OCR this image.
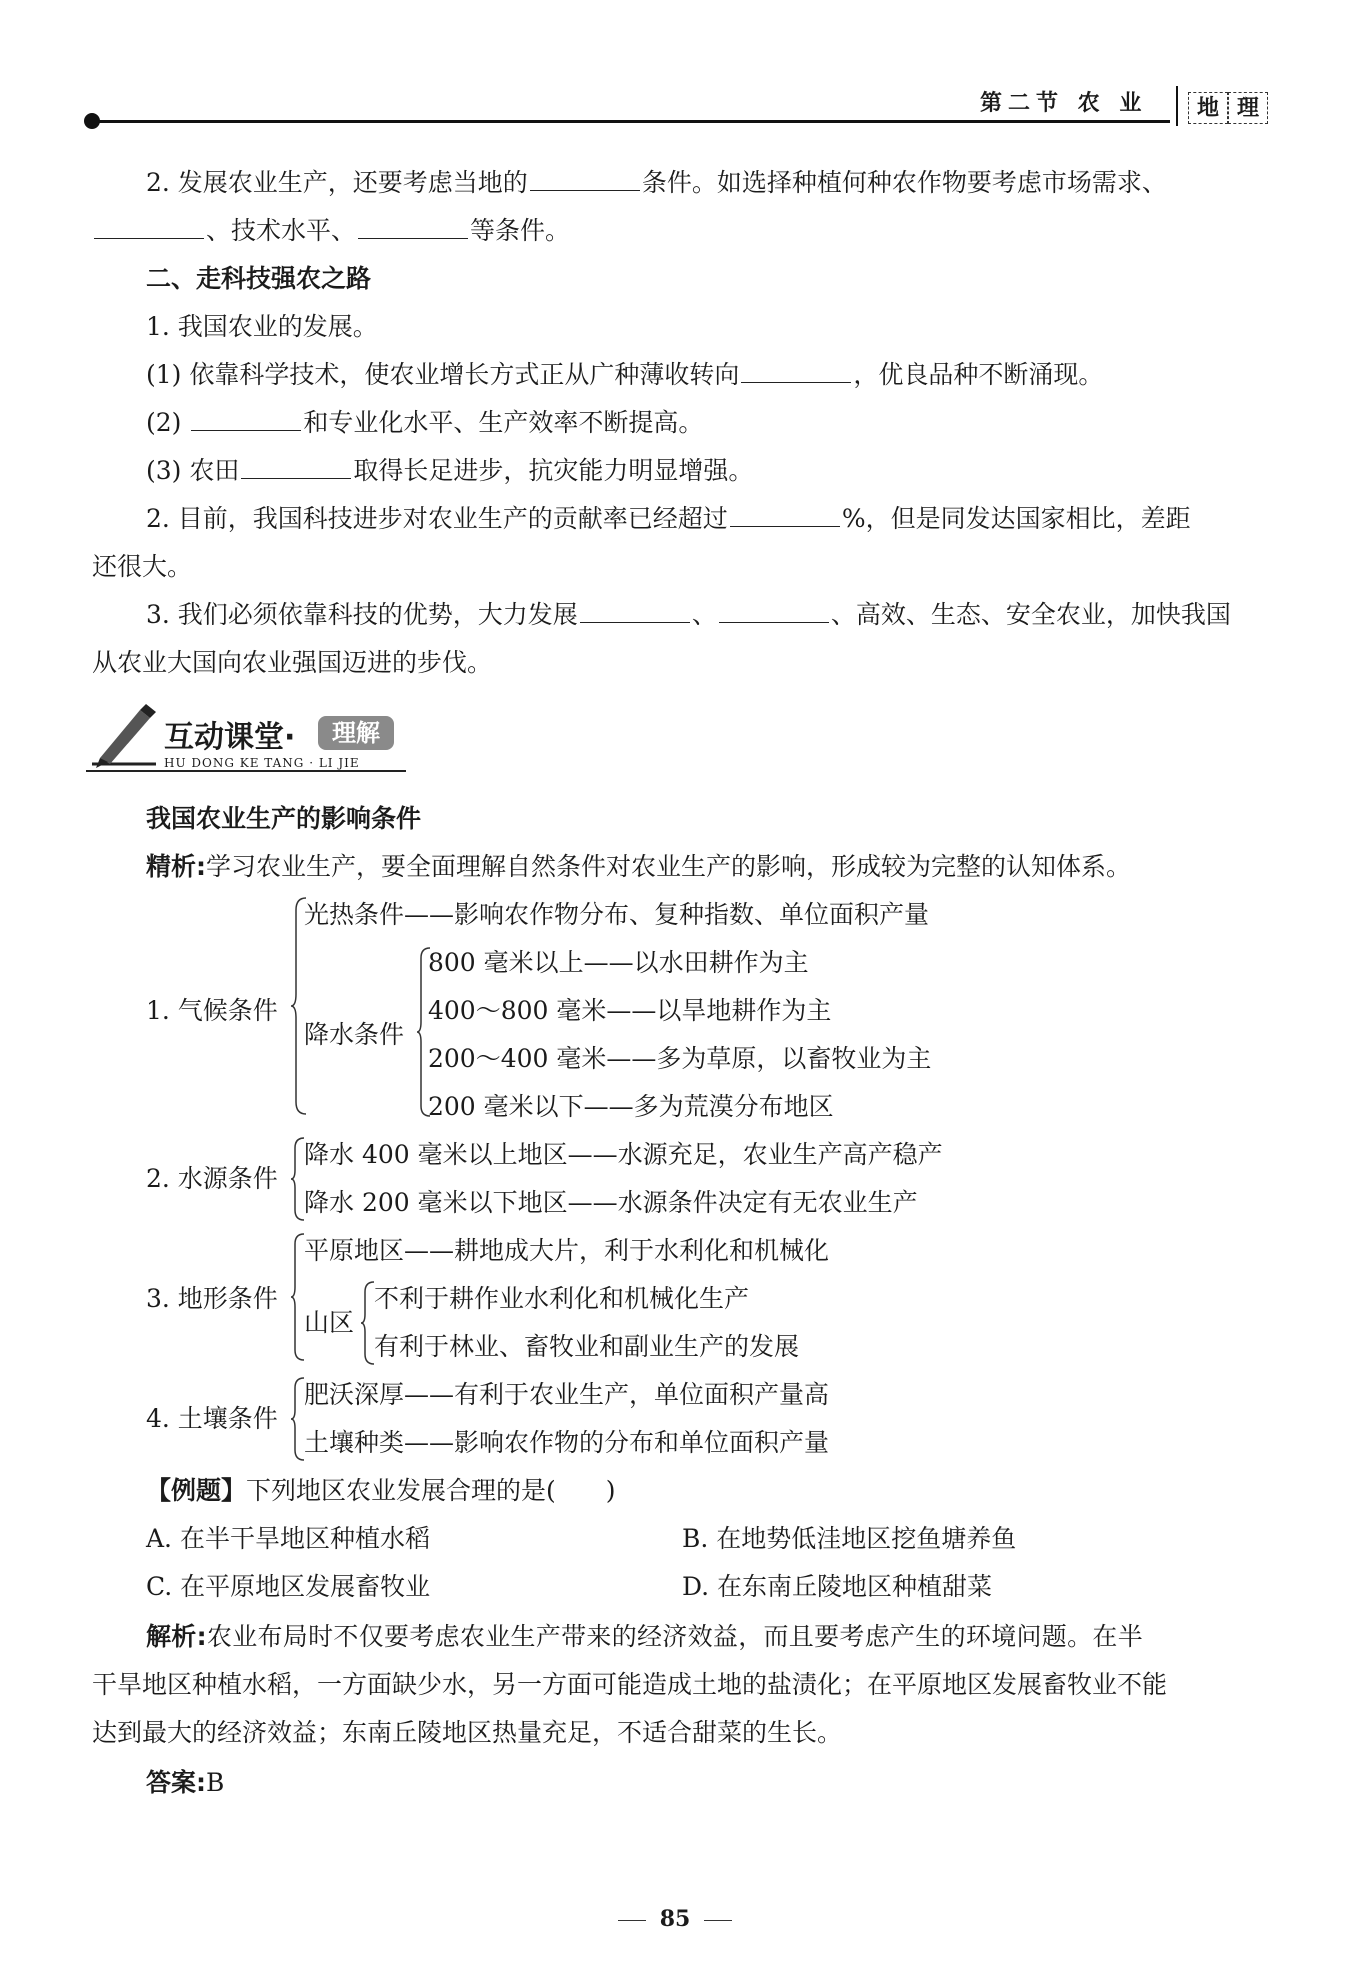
第二节 农 业	地 理
2. 发展农业生产，还要考虑当地的	条件。如选择种植何种农作物要考虑市场需求、
、技术水平、	等条件。
二、走科技强农之路
1. 我国农业的发展。
(1) 依靠科学技术，使农业增长方式正从广种薄收转向	，优良品种不断涌现。
(2)	和专业化水平、生产效率不断提高。
(3) 农田	取得长足进步，抗灾能力明显增强。
2. 目前，我国科技进步对农业生产的贡献率已经超过	%，但是同发达国家相比，差距
还很大。
3. 我们必须依靠科技的优势，大力发展	、	、高效、生态、安全农业，加快我国
从农业大国向农业强国迈进的步伐。
互动课堂·	理解
HU DONG KE TANG · LI JIE
我国农业生产的影响条件
精析:学习农业生产，要全面理解自然条件对农业生产的影响，形成较为完整的认知体系。
1. 气候条件
光热条件——影响农作物分布、复种指数、单位面积产量
降水条件
800 毫米以上——以水田耕作为主
400～800 毫米——以旱地耕作为主
200～400 毫米——多为草原，以畜牧业为主
200 毫米以下——多为荒漠分布地区
2. 水源条件
降水 400 毫米以上地区——水源充足，农业生产高产稳产
降水 200 毫米以下地区——水源条件决定有无农业生产
3. 地形条件
平原地区——耕地成大片，利于水利化和机械化
山区
不利于耕作业水利化和机械化生产
有利于林业、畜牧业和副业生产的发展
4. 土壤条件
肥沃深厚——有利于农业生产，单位面积产量高
土壤种类——影响农作物的分布和单位面积产量
【例题】下列地区农业发展合理的是(　　)
A. 在半干旱地区种植水稻	B. 在地势低洼地区挖鱼塘养鱼
C. 在平原地区发展畜牧业	D. 在东南丘陵地区种植甜菜
解析:农业布局时不仅要考虑农业生产带来的经济效益，而且要考虑产生的环境问题。在半
干旱地区种植水稻，一方面缺少水，另一方面可能造成土地的盐渍化；在平原地区发展畜牧业不能
达到最大的经济效益；东南丘陵地区热量充足，不适合甜菜的生长。
答案:B
85
